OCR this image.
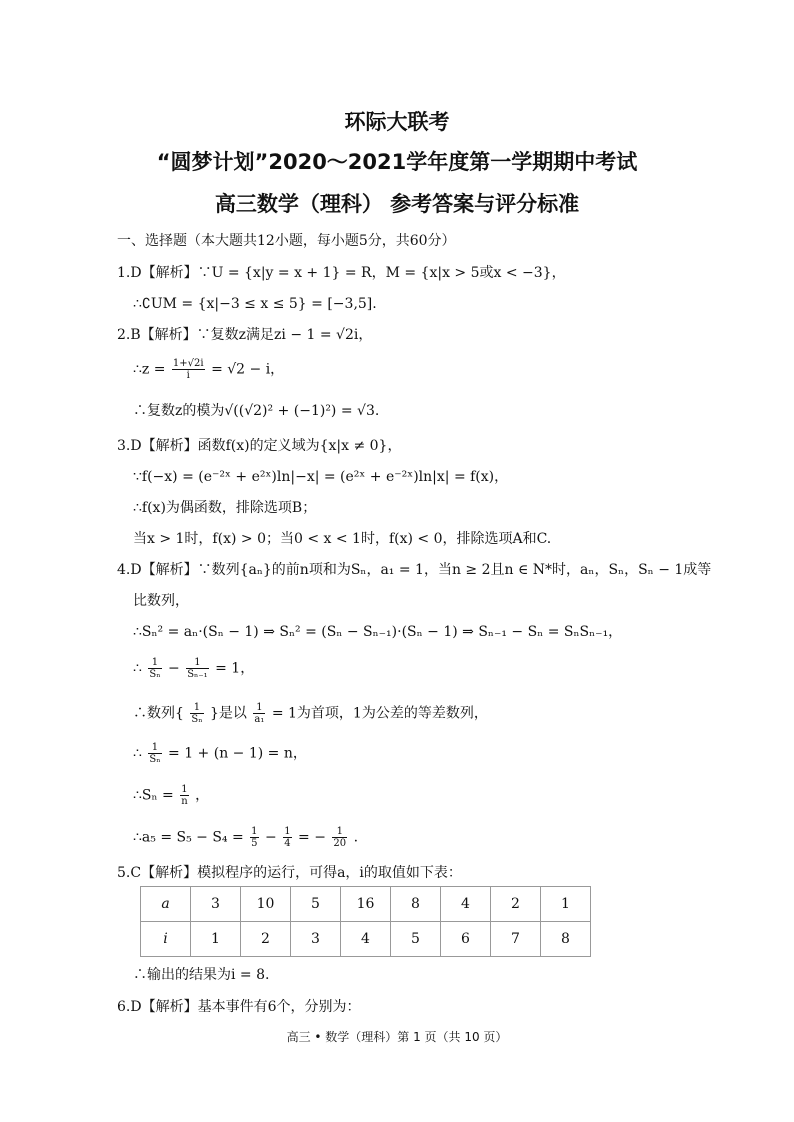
环际大联考
“圆梦计划”2020～2021学年度第一学期期中考试
高三数学（理科） 参考答案与评分标准
一、选择题（本大题共12小题，每小题5分，共60分）
1.D【解析】∵U = {x|y = x + 1} = R，M = {x|x > 5或x < −3}，
∴∁UM = {x|−3 ≤ x ≤ 5} = [−3,5].
2.B【解析】∵复数z满足zi − 1 = √2i，
∴z = $\frac{1+√2i}{i} = √2 - i$，
∴复数z的模为√((√2)² + (−1)²) = √3.
3.D【解析】函数f(x)的定义域为{x|x ≠ 0}，
∵f(−x) = (e⁻²ˣ + e²ˣ)ln|−x| = (e²ˣ + e⁻²ˣ)ln|x| = f(x)，
∴f(x)为偶函数，排除选项B；
当x > 1时，f(x) > 0；当0 < x < 1时，f(x) < 0，排除选项A和C.
4.D【解析】∵数列{aₙ}的前n项和为Sₙ，a₁ = 1，当n ≥ 2且n ∈ N*时，aₙ，Sₙ，Sₙ − 1成等
比数列，
∴Sₙ² = aₙ·(Sₙ − 1) ⇒ Sₙ² = (Sₙ − Sₙ₋₁)·(Sₙ − 1) ⇒ Sₙ₋₁ − Sₙ = SₙSₙ₋₁，
∴ $\frac{1}{\text{Sₙ}} - \frac{1}{\text{Sₙ₋₁}} = 1$，
∴数列{ $\frac{1}{\text{Sₙ}}$ }是以 $\frac{1}{\text{a₁}} = 1$为首项，1为公差的等差数列，
∴ $\frac{1}{\text{Sₙ}} = 1 + (n - 1) = n$，
∴Sₙ = $\frac{1}{n}$ ，
∴a₅ = $S_5 - S_4 = \frac{1}{5} - \frac{1}{4}$ = − $\frac{1}{20}$ .
5.C【解析】模拟程序的运行，可得a，i的取值如下表：
a	3	10	5	16	8	4	2	1
i	1	2	3	4	5	6	7	8
∴输出的结果为i = 8.
6.D【解析】基本事件有6个，分别为：
高三 • 数学（理科）第 1 页（共 10 页）
